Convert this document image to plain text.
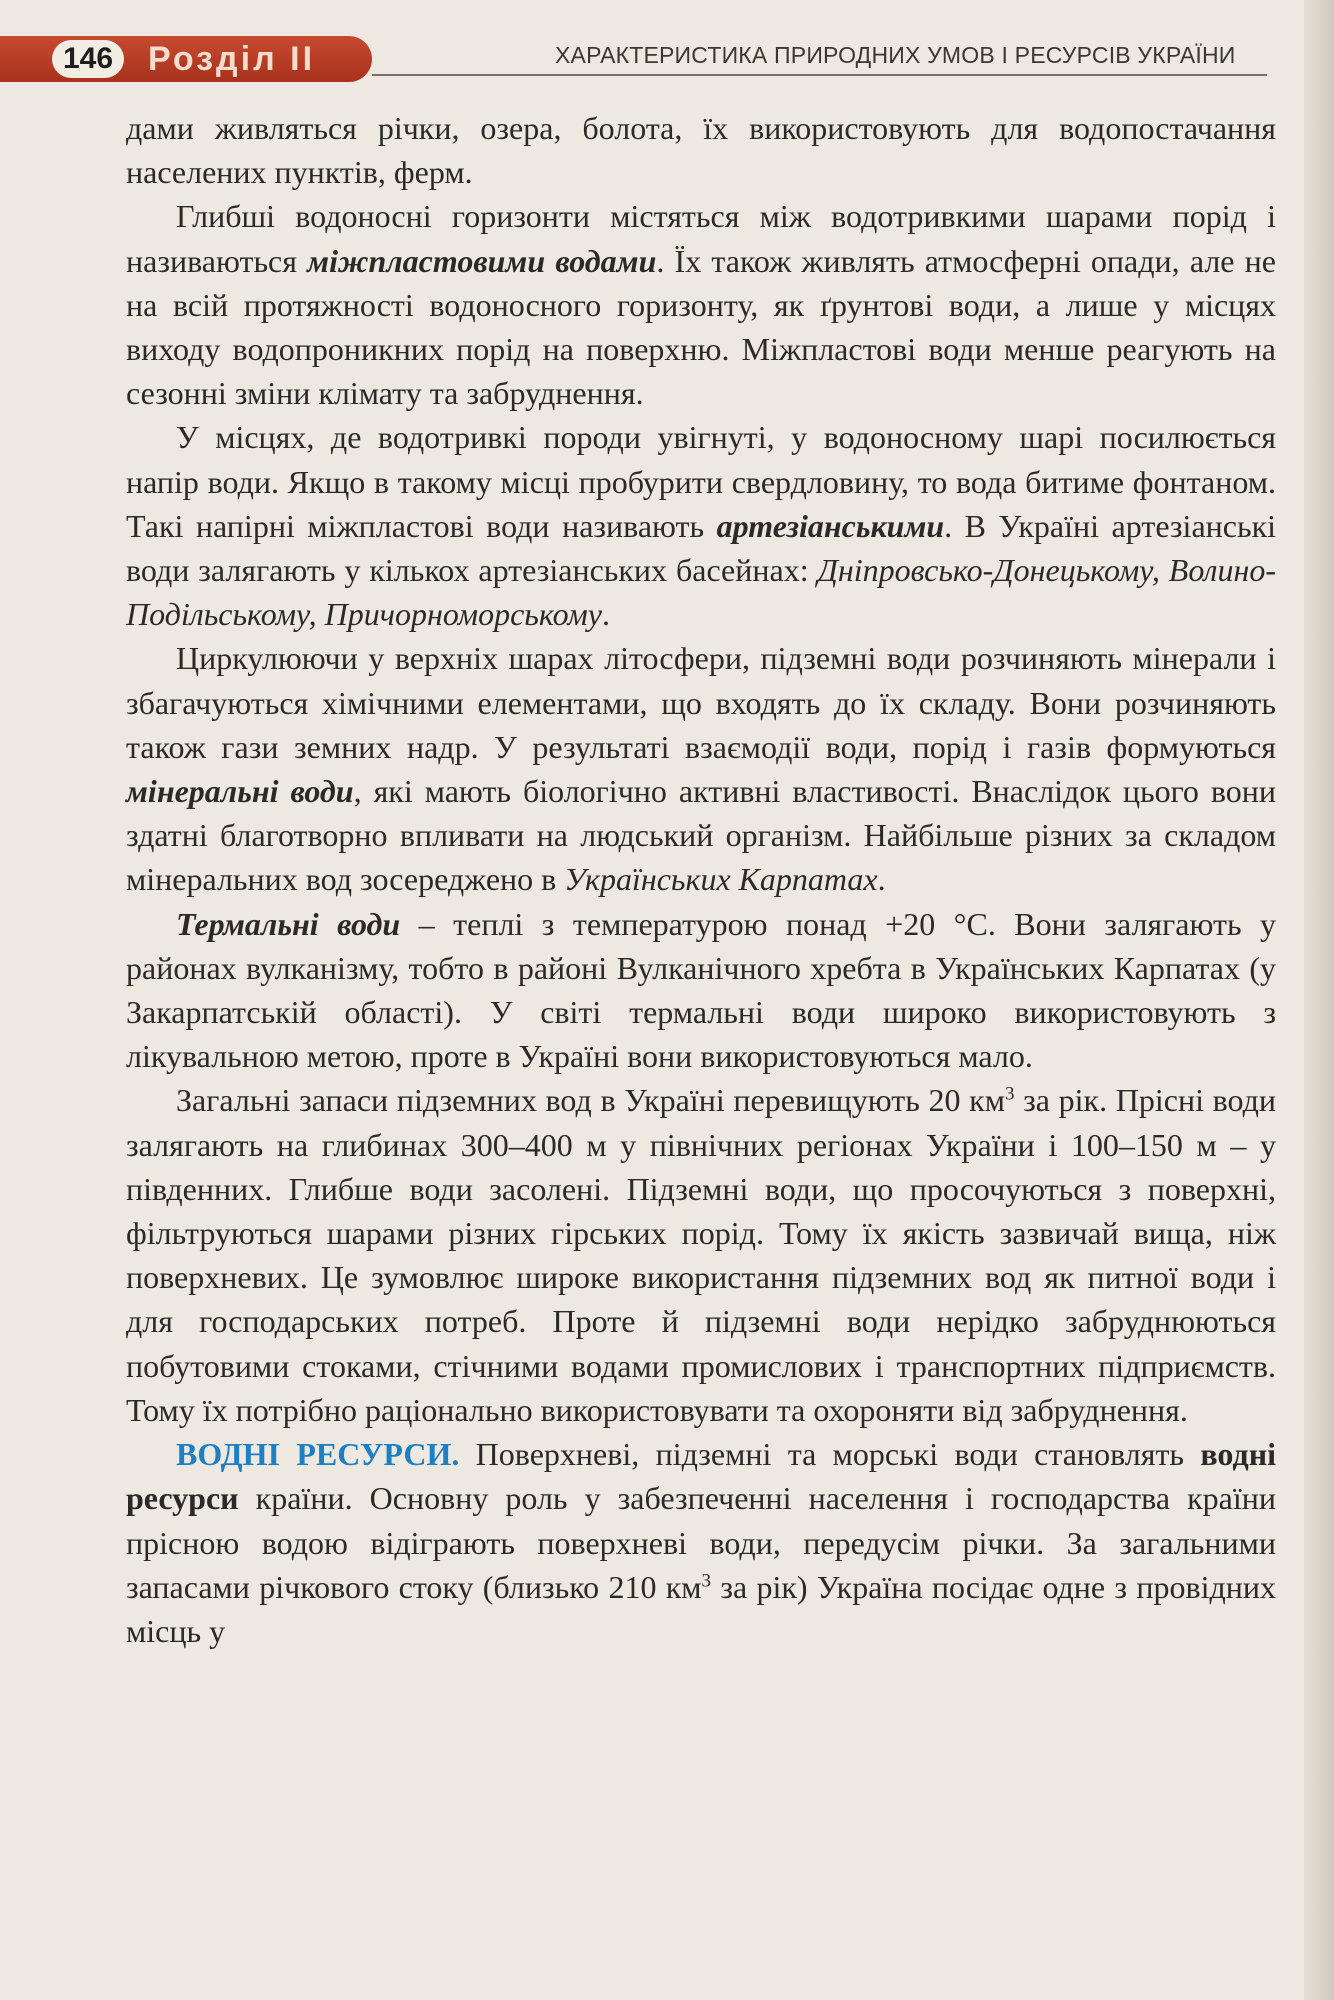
146	Розділ II	ХАРАКТЕРИСТИКА ПРИРОДНИХ УМОВ І РЕСУРСІВ УКРАЇНИ

дами живляться річки, озера, болота, їх використовують для водопостачання населених пунктів, ферм.

Глибші водоносні горизонти містяться між водотривкими шарами порід і називаються міжпластовими водами. Їх також живлять атмосферні опади, але не на всій протяжності водоносного горизонту, як ґрунтові води, а лише у місцях виходу водопроникних порід на поверхню. Міжпластові води менше реагують на сезонні зміни клімату та забруднення.

У місцях, де водотривкі породи увігнуті, у водоносному шарі посилюється напір води. Якщо в такому місці пробурити свердловину, то вода битиме фонтаном. Такі напірні міжпластові води називають артезіанськими. В Україні артезіанські води залягають у кількох артезіанських басейнах: Дніпровсько-Донецькому, Волино-Подільському, Причорноморському.

Циркулюючи у верхніх шарах літосфери, підземні води розчиняють мінерали і збагачуються хімічними елементами, що входять до їх складу. Вони розчиняють також гази земних надр. У результаті взаємодії води, порід і газів формуються мінеральні води, які мають біологічно активні властивості. Внаслідок цього вони здатні благотворно впливати на людський організм. Найбільше різних за складом мінеральних вод зосереджено в Українських Карпатах.

Термальні води – теплі з температурою понад +20 °С. Вони залягають у районах вулканізму, тобто в районі Вулканічного хребта в Українських Карпатах (у Закарпатській області). У світі термальні води широко використовують з лікувальною метою, проте в Україні вони використовуються мало.

Загальні запаси підземних вод в Україні перевищують 20 $км^3$ за рік. Прісні води залягають на глибинах 300–400 м у північних регіонах України і 100–150 м – у південних. Глибше води засолені. Підземні води, що просочуються з поверхні, фільтруються шарами різних гірських порід. Тому їх якість зазвичай вища, ніж поверхневих. Це зумовлює широке використання підземних вод як питної води і для господарських потреб. Проте й підземні води нерідко забруднюються побутовими стоками, стічними водами промислових і транспортних підприємств. Тому їх потрібно раціонально використовувати та охороняти від забруднення.

ВОДНІ РЕСУРСИ. Поверхневі, підземні та морські води становлять водні ресурси країни. Основну роль у забезпеченні населення і господарства країни прісною водою відіграють поверхневі води, передусім річки. За загальними запасами річкового стоку (близько 210 $км^3$ за рік) Україна посідає одне з провідних місць у
